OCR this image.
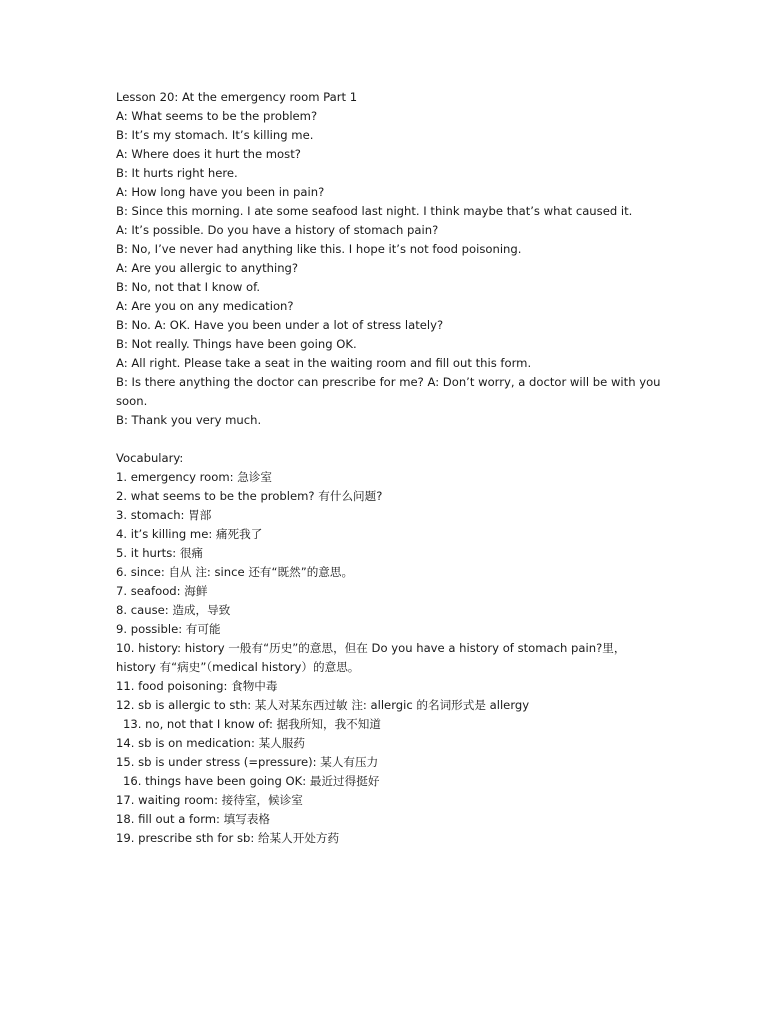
Lesson 20: At the emergency room Part 1
A: What seems to be the problem?
B: It’s my stomach. It’s killing me.
A: Where does it hurt the most?
B: It hurts right here.
A: How long have you been in pain?
B: Since this morning. I ate some seafood last night. I think maybe that’s what caused it.
A: It’s possible. Do you have a history of stomach pain?
B: No, I’ve never had anything like this. I hope it’s not food poisoning.
A: Are you allergic to anything?
B: No, not that I know of.
A: Are you on any medication?
B: No. A: OK. Have you been under a lot of stress lately?
B: Not really. Things have been going OK.
A: All right. Please take a seat in the waiting room and fill out this form.
B: Is there anything the doctor can prescribe for me? A: Don’t worry, a doctor will be with you soon.
B: Thank you very much.
Vocabulary:
1. emergency room: 急诊室
2. what seems to be the problem? 有什么问题?
3. stomach: 胃部
4. it’s killing me: 痛死我了
5. it hurts: 很痛
6. since: 自从 注: since 还有“既然”的意思。
7. seafood: 海鲜
8. cause: 造成，导致
9. possible: 有可能
10. history: history 一般有“历史”的意思，但在 Do you have a history of stomach pain?里，history 有“病史”（medical history）的意思。
11. food poisoning: 食物中毒
12. sb is allergic to sth: 某人对某东西过敏 注: allergic 的名词形式是 allergy
13. no, not that I know of: 据我所知，我不知道
14. sb is on medication: 某人服药
15. sb is under stress (=pressure): 某人有压力
16. things have been going OK: 最近过得挺好
17. waiting room: 接待室，候诊室
18. fill out a form: 填写表格
19. prescribe sth for sb: 给某人开处方药
